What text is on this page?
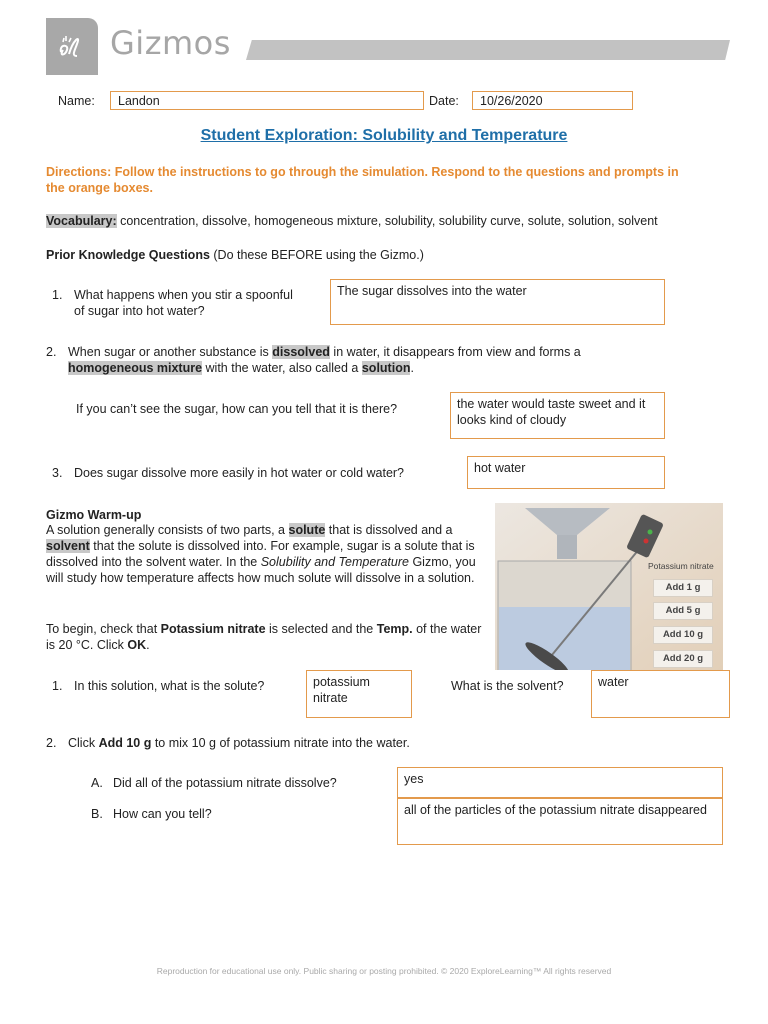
Gizmos
Name:	Landon	Date:	10/26/2020
Student Exploration: Solubility and Temperature
Directions: Follow the instructions to go through the simulation. Respond to the questions and prompts in the orange boxes.
Vocabulary: concentration, dissolve, homogeneous mixture, solubility, solubility curve, solute, solution, solvent
Prior Knowledge Questions (Do these BEFORE using the Gizmo.)
1. What happens when you stir a spoonful
of sugar into hot water?
The sugar dissolves into the water
2. When sugar or another substance is dissolved in water, it disappears from view and forms a
homogeneous mixture with the water, also called a solution.
If you can’t see the sugar, how can you tell that it is there?	the water would taste sweet and it looks kind of cloudy
3. Does sugar dissolve more easily in hot water or cold water?	hot water
Gizmo Warm-up
A solution generally consists of two parts, a solute that is dissolved and a solvent that the solute is dissolved into. For example, sugar is a solute that is dissolved into the solvent water. In the Solubility and Temperature Gizmo, you will study how temperature affects how much solute will dissolve in a solution.
To begin, check that Potassium nitrate is selected and the Temp. of the water is 20 °C. Click OK.
Potassium nitrate
Add 1 g
Add 5 g
Add 10 g
Add 20 g
1. In this solution, what is the solute?	potassium nitrate
What is the solvent?	water
2. Click Add 10 g to mix 10 g of potassium nitrate into the water.
A. Did all of the potassium nitrate dissolve?	yes
B. How can you tell?	all of the particles of the potassium nitrate disappeared
Reproduction for educational use only. Public sharing or posting prohibited. © 2020 ExploreLearning™ All rights reserved
